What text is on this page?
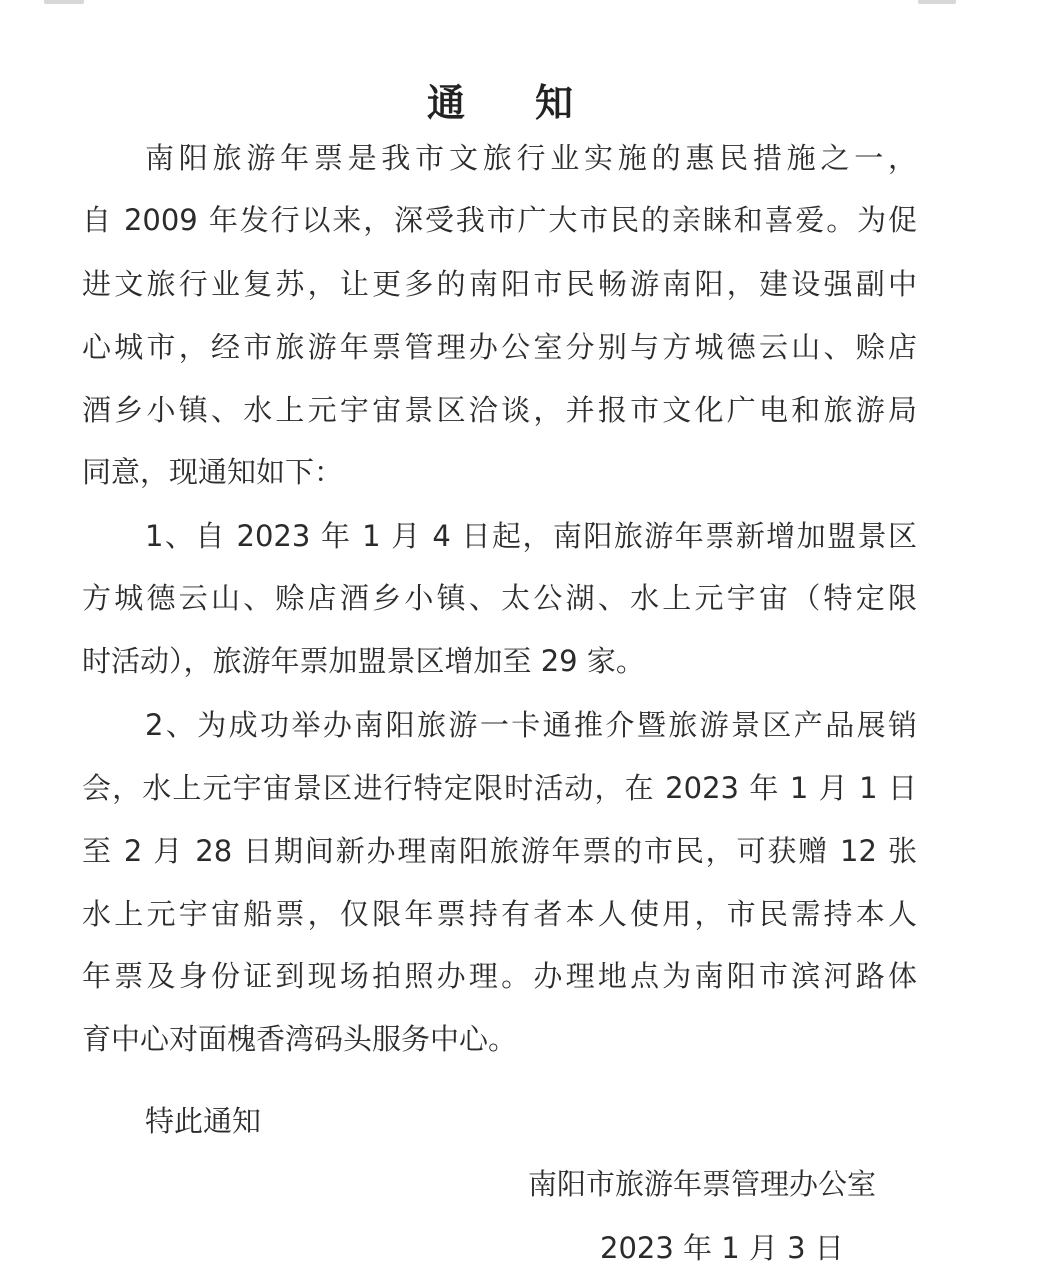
通 知
南阳旅游年票是我市文旅行业实施的惠民措施之一，
自 2009 年发行以来，深受我市广大市民的亲睐和喜爱。为促
进文旅行业复苏，让更多的南阳市民畅游南阳，建设强副中
心城市，经市旅游年票管理办公室分别与方城德云山、赊店
酒乡小镇、水上元宇宙景区洽谈，并报市文化广电和旅游局
同意，现通知如下：
1、自 2023 年 1 月 4 日起，南阳旅游年票新增加盟景区
方城德云山、赊店酒乡小镇、太公湖、水上元宇宙（特定限
时活动），旅游年票加盟景区增加至 29 家。
2、为成功举办南阳旅游一卡通推介暨旅游景区产品展销
会，水上元宇宙景区进行特定限时活动，在 2023 年 1 月 1 日
至 2 月 28 日期间新办理南阳旅游年票的市民，可获赠 12 张
水上元宇宙船票，仅限年票持有者本人使用，市民需持本人
年票及身份证到现场拍照办理。办理地点为南阳市滨河路体
育中心对面槐香湾码头服务中心。
特此通知
南阳市旅游年票管理办公室
2023 年 1 月 3 日
